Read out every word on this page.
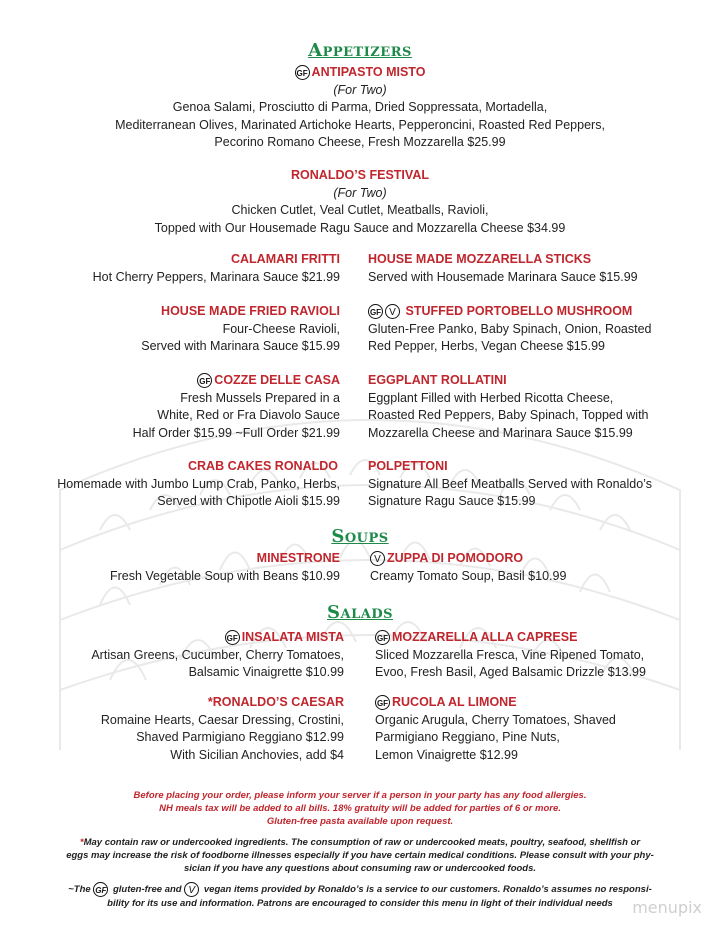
Appetizers
GF ANTIPASTO MISTO
(For Two)
Genoa Salami, Prosciutto di Parma, Dried Soppressata, Mortadella,
Mediterranean Olives, Marinated Artichoke Hearts, Pepperoncini, Roasted Red Peppers,
Pecorino Romano Cheese, Fresh Mozzarella $25.99
RONALDO’S FESTIVAL
(For Two)
Chicken Cutlet, Veal Cutlet, Meatballs, Ravioli,
Topped with Our Housemade Ragu Sauce and Mozzarella Cheese $34.99
CALAMARI FRITTI
Hot Cherry Peppers, Marinara Sauce $21.99
HOUSE MADE MOZZARELLA STICKS
Served with Housemade Marinara Sauce $15.99
HOUSE MADE FRIED RAVIOLI
Four-Cheese Ravioli,
Served with Marinara Sauce $15.99
GF V STUFFED PORTOBELLO MUSHROOM
Gluten-Free Panko, Baby Spinach, Onion, Roasted
Red Pepper, Herbs, Vegan Cheese $15.99
GF COZZE DELLE CASA
Fresh Mussels Prepared in a
White, Red or Fra Diavolo Sauce
Half Order $15.99 ~Full Order $21.99
EGGPLANT ROLLATINI
Eggplant Filled with Herbed Ricotta Cheese,
Roasted Red Peppers, Baby Spinach, Topped with
Mozzarella Cheese and Marinara Sauce $15.99
CRAB CAKES RONALDO
Homemade with Jumbo Lump Crab, Panko, Herbs,
Served with Chipotle Aioli $15.99
POLPETTONI
Signature All Beef Meatballs Served with Ronaldo’s
Signature Ragu Sauce $15.99
Soups
MINESTRONE
Fresh Vegetable Soup with Beans $10.99
V ZUPPA DI POMODORO
Creamy Tomato Soup, Basil $10.99
Salads
GF INSALATA MISTA
Artisan Greens, Cucumber, Cherry Tomatoes,
Balsamic Vinaigrette $10.99
GF MOZZARELLA ALLA CAPRESE
Sliced Mozzarella Fresca, Vine Ripened Tomato,
Evoo, Fresh Basil, Aged Balsamic Drizzle $13.99
*RONALDO’S CAESAR
Romaine Hearts, Caesar Dressing, Crostini,
Shaved Parmigiano Reggiano $12.99
With Sicilian Anchovies, add $4
GF RUCOLA AL LIMONE
Organic Arugula, Cherry Tomatoes, Shaved
Parmigiano Reggiano, Pine Nuts,
Lemon Vinaigrette $12.99
Before placing your order, please inform your server if a person in your party has any food allergies.
NH meals tax will be added to all bills. 18% gratuity will be added for parties of 6 or more.
Gluten-free pasta available upon request.
*May contain raw or undercooked ingredients. The consumption of raw or undercooked meats, poultry, seafood, shellfish or
eggs may increase the risk of foodborne illnesses especially if you have certain medical conditions. Please consult with your phy-
sician if you have any questions about consuming raw or undercooked foods.
~The GF gluten-free and V vegan items provided by Ronaldo’s is a service to our customers. Ronaldo’s assumes no responsi-
bility for its use and information. Patrons are encouraged to consider this menu in light of their individual needs	menupix
